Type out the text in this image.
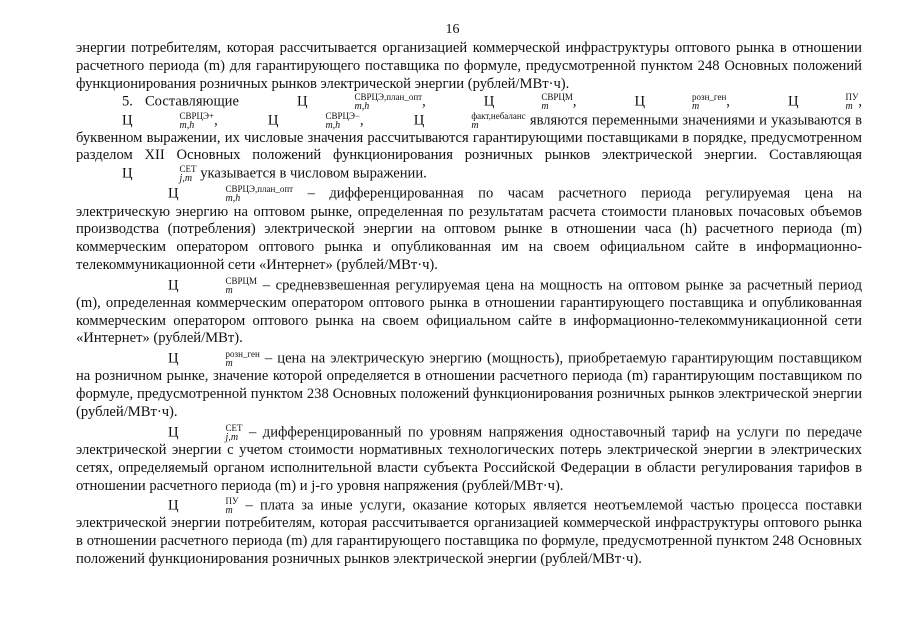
16

энергии потребителям, которая рассчитывается организацией коммерческой инфраструктуры оптового рынка в отношении расчетного периода (m) для гарантирующего поставщика по формуле, предусмотренной пунктом 248 Основных положений функционирования розничных рынков электрической энергии (рублей/МВт·ч).

5. Составляющие	Ц	СВРЦЭ,план_опт
m,h	,	Ц	СВРЦМ
m	,	Ц	розн_ген
m	,	Ц	ПУ
m , Ц	СВРЦЭ+
m,h	,	Ц	СВРЦЭ−
m,h	,	Ц	факт,небаланс
m	являются переменными значениями и указываются в буквенном выражении, их числовые значения рассчитываются гарантирующими поставщиками в порядке, предусмотренном разделом XII Основных положений функционирования розничных рынков электрической энергии. Составляющая Ц	СЕТ
j,m указывается в числовом выражении.

Ц	СВРЦЭ,план_опт
m,h	– дифференцированная по часам расчетного периода регулируемая цена на электрическую энергию на оптовом рынке, определенная по результатам расчета стоимости плановых почасовых объемов производства (потребления) электрической энергии на оптовом рынке в отношении часа (h) расчетного периода (m) коммерческим оператором оптового рынка и опубликованная им на своем официальном сайте в информационно-телекоммуникационной сети «Интернет» (рублей/МВт·ч).

Ц	СВРЦМ
m	– средневзвешенная регулируемая цена на мощность на оптовом рынке за расчетный период (m), определенная коммерческим оператором оптового рынка в отношении гарантирующего поставщика и опубликованная коммерческим оператором оптового рынка на своем официальном сайте в информационно-телекоммуникационной сети «Интернет» (рублей/МВт).

Ц	розн_ген
m	– цена на электрическую энергию (мощность), приобретаемую гарантирующим поставщиком на розничном рынке, значение которой определяется в отношении расчетного периода (m) гарантирующим поставщиком по формуле, предусмотренной пунктом 238 Основных положений функционирования розничных рынков электрической энергии (рублей/МВт·ч).

Ц	СЕТ
j,m – дифференцированный по уровням напряжения одноставочный тариф на услуги по передаче электрической энергии с учетом стоимости нормативных технологических потерь электрической энергии в электрических сетях, определяемый органом исполнительной власти субъекта Российской Федерации в области регулирования тарифов в отношении расчетного периода (m) и j-го уровня напряжения (рублей/МВт·ч).

Ц	ПУ
m – плата за иные услуги, оказание которых является неотъемлемой частью процесса поставки электрической энергии потребителям, которая рассчитывается организацией коммерческой инфраструктуры оптового рынка в отношении расчетного периода (m) для гарантирующего поставщика по формуле, предусмотренной пунктом 248 Основных положений функционирования розничных рынков электрической энергии (рублей/МВт·ч).
